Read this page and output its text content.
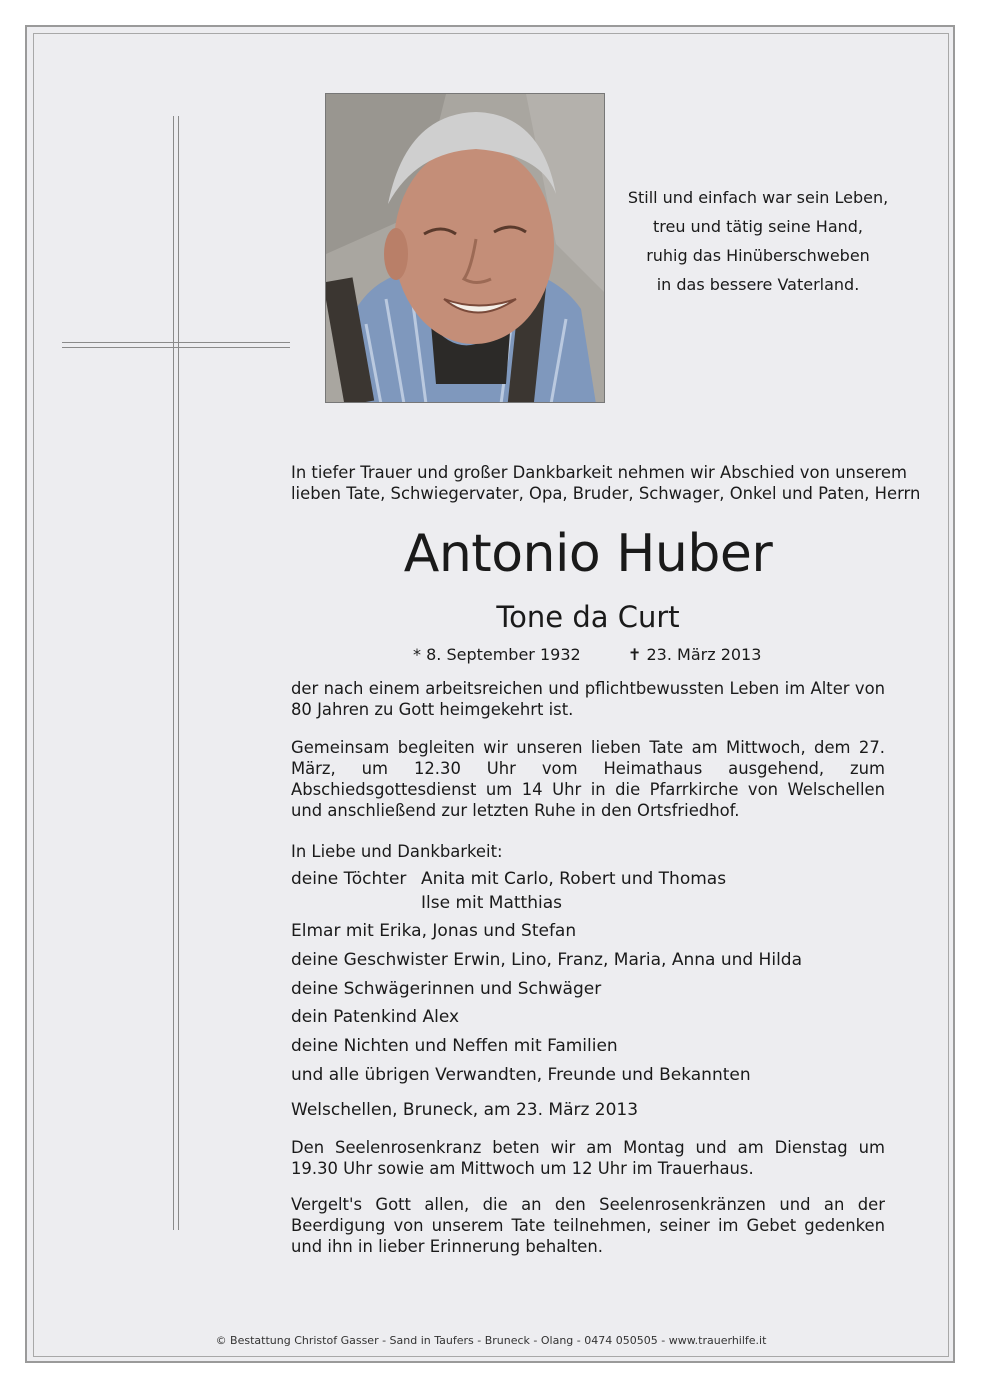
Still und einfach war sein Leben,
treu und tätig seine Hand,
ruhig das Hinüberschweben
in das bessere Vaterland.
In tiefer Trauer und großer Dankbarkeit nehmen wir Abschied von unserem
lieben Tate, Schwiegervater, Opa, Bruder, Schwager, Onkel und Paten, Herrn
Antonio Huber
Tone da Curt
* 8. September 1932	✝ 23. März 2013
der nach einem arbeitsreichen und pflichtbewussten Leben im Alter von 80 Jahren zu Gott heimgekehrt ist.
Gemeinsam begleiten wir unseren lieben Tate am Mittwoch, dem 27. März, um 12.30 Uhr vom Heimathaus ausgehend, zum Abschiedsgottesdienst um 14 Uhr in die Pfarrkirche von Welschellen und anschließend zur letzten Ruhe in den Ortsfriedhof.
In Liebe und Dankbarkeit:
deine Töchter Anita mit Carlo, Robert und Thomas
Ilse mit Matthias
Elmar mit Erika, Jonas und Stefan
deine Geschwister Erwin, Lino, Franz, Maria, Anna und Hilda
deine Schwägerinnen und Schwäger
dein Patenkind Alex
deine Nichten und Neffen mit Familien
und alle übrigen Verwandten, Freunde und Bekannten
Welschellen, Bruneck, am 23. März 2013
Den Seelenrosenkranz beten wir am Montag und am Dienstag um 19.30 Uhr sowie am Mittwoch um 12 Uhr im Trauerhaus.
Vergelt's Gott allen, die an den Seelenrosenkränzen und an der Beerdigung von unserem Tate teilnehmen, seiner im Gebet gedenken und ihn in lieber Erinnerung behalten.
© Bestattung Christof Gasser - Sand in Taufers - Bruneck - Olang - 0474 050505 - www.trauerhilfe.it
